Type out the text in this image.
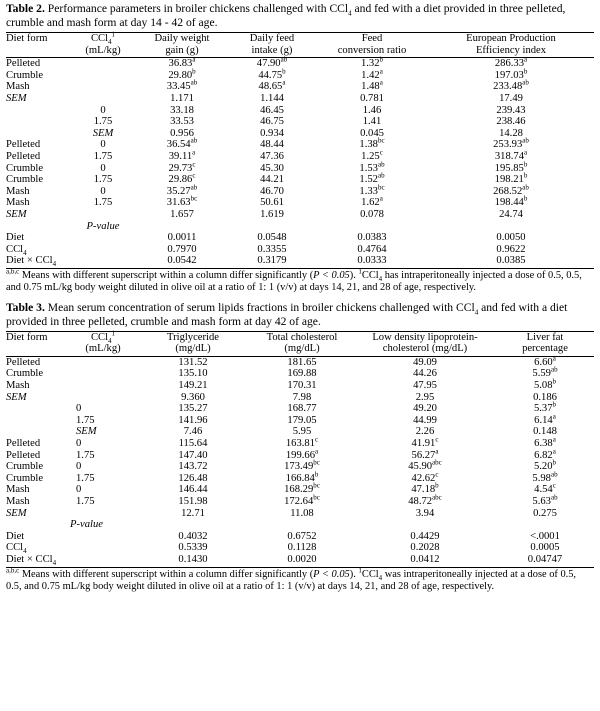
Table 2. Performance parameters in broiler chickens challenged with CCl$_4$ and fed with a diet provided in three pelleted, crumble and mash form at day 14 - 42 of age.
Diet form	CCl$_4^1$	Daily weight	Daily feed	Feed	European Production
	(mL/kg)	gain (g)	intake (g)	conversion ratio	Efficiency index
Pelleted		36.83$^a$	47.90$^{ab}$	1.32$^b$	286.33$^a$
Crumble		29.80$^b$	44.75$^b$	1.42$^a$	197.03$^b$
Mash		33.45$^{ab}$	48.65$^a$	1.48$^a$	233.48$^{ab}$
SEM		1.171	1.144	0.781	17.49
	0	33.18	46.45	1.46	239.43
	1.75	33.53	46.75	1.41	238.46
	SEM	0.956	0.934	0.045	14.28
Pelleted	0	36.54$^{ab}$	48.44	1.38$^{bc}$	253.93$^{ab}$
Pelleted	1.75	39.11$^a$	47.36	1.25$^c$	318.74$^a$
Crumble	0	29.73$^c$	45.30	1.53$^{ab}$	195.85$^b$
Crumble	1.75	29.86$^c$	44.21	1.52$^{ab}$	198.21$^b$
Mash	0	35.27$^{ab}$	46.70	1.33$^{bc}$	268.52$^{ab}$
Mash	1.75	31.63$^{bc}$	50.61	1.62$^a$	198.44$^b$
SEM		1.657	1.619	0.078	24.74
	P-value				
Diet		0.0011	0.0548	0.0383	0.0050
CCl$_4$		0.7970	0.3355	0.4764	0.9622
Diet × CCl$_4$		0.0542	0.3179	0.0333	0.0385
$^{a,b,c}$ Means with different superscript within a column differ significantly (P < 0.05). $^1$CCl$_4$ has intraperitoneally injected a dose of 0.5, 0.5, and 0.75 mL/kg body weight diluted in olive oil at a ratio of 1: 1 (v/v) at days 14, 21, and 28 of age, respectively.
Table 3. Mean serum concentration of serum lipids fractions in broiler chickens challenged with CCl$_4$ and fed with a diet provided in three pelleted, crumble and mash form at day 42 of age.
Diet form	CCl$_4^1$	Triglyceride	Total cholesterol	Low density lipoprotein-	Liver fat
	(mL/kg)	(mg/dL)	(mg/dL)	cholesterol (mg/dL)	percentage
Pelleted		131.52	181.65	49.09	6.60$^a$
Crumble		135.10	169.88	44.26	5.59$^{ab}$
Mash		149.21	170.31	47.95	5.08$^b$
SEM		9.360	7.98	2.95	0.186
	0	135.27	168.77	49.20	5.37$^b$
	1.75	141.96	179.05	44.99	6.14$^a$
	SEM	7.46	5.95	2.26	0.148
Pelleted	0	115.64	163.81$^c$	41.91$^c$	6.38$^a$
Pelleted	1.75	147.40	199.66$^a$	56.27$^a$	6.82$^a$
Crumble	0	143.72	173.49$^{bc}$	45.90$^{abc}$	5.20$^b$
Crumble	1.75	126.48	166.84$^b$	42.62$^c$	5.98$^{ab}$
Mash	0	146.44	168.29$^{bc}$	47.18$^b$	4.54$^c$
Mash	1.75	151.98	172.64$^{bc}$	48.72$^{abc}$	5.63$^{ab}$
SEM		12.71	11.08	3.94	0.275
	P-value				
Diet		0.4032	0.6752	0.4429	<.0001
CCl$_4$		0.5339	0.1128	0.2028	0.0005
Diet × CCl$_4$		0.1430	0.0020	0.0412	0.04747
$^{a,b,c}$ Means with different superscript within a column differ significantly (P < 0.05). $^1$CCl$_4$ was intraperitoneally injected at a dose of 0.5, 0.5, and 0.75 mL/kg body weight diluted in olive oil at a ratio of 1: 1 (v/v) at days 14, 21, and 28 of age, respectively.
